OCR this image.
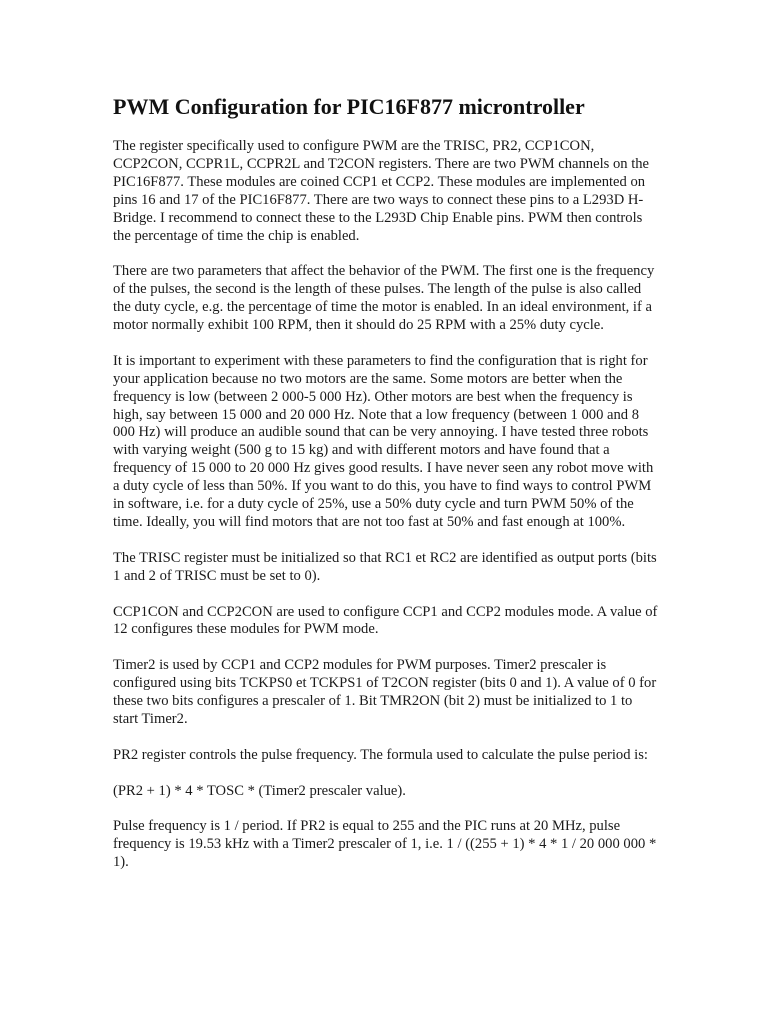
PWM Configuration for PIC16F877 microntroller

The register specifically used to configure PWM are the TRISC, PR2, CCP1CON, CCP2CON, CCPR1L, CCPR2L and T2CON registers. There are two PWM channels on the PIC16F877. These modules are coined CCP1 et CCP2. These modules are implemented on pins 16 and 17 of the PIC16F877. There are two ways to connect these pins to a L293D H-Bridge. I recommend to connect these to the L293D Chip Enable pins. PWM then controls the percentage of time the chip is enabled.

There are two parameters that affect the behavior of the PWM. The first one is the frequency of the pulses, the second is the length of these pulses. The length of the pulse is also called the duty cycle, e.g. the percentage of time the motor is enabled. In an ideal environment, if a motor normally exhibit 100 RPM, then it should do 25 RPM with a 25% duty cycle.

It is important to experiment with these parameters to find the configuration that is right for your application because no two motors are the same. Some motors are better when the frequency is low (between 2 000-5 000 Hz). Other motors are best when the frequency is high, say between 15 000 and 20 000 Hz. Note that a low frequency (between 1 000 and 8 000 Hz) will produce an audible sound that can be very annoying. I have tested three robots with varying weight (500 g to 15 kg) and with different motors and have found that a frequency of 15 000 to 20 000 Hz gives good results. I have never seen any robot move with a duty cycle of less than 50%. If you want to do this, you have to find ways to control PWM in software, i.e. for a duty cycle of 25%, use a 50% duty cycle and turn PWM 50% of the time. Ideally, you will find motors that are not too fast at 50% and fast enough at 100%.

The TRISC register must be initialized so that RC1 et RC2 are identified as output ports (bits 1 and 2 of TRISC must be set to 0).

CCP1CON and CCP2CON are used to configure CCP1 and CCP2 modules mode. A value of 12 configures these modules for PWM mode.

Timer2 is used by CCP1 and CCP2 modules for PWM purposes. Timer2 prescaler is configured using bits TCKPS0 et TCKPS1 of T2CON register (bits 0 and 1). A value of 0 for these two bits configures a prescaler of 1. Bit TMR2ON (bit 2) must be initialized to 1 to start Timer2.

PR2 register controls the pulse frequency. The formula used to calculate the pulse period is:

(PR2 + 1) * 4 * TOSC * (Timer2 prescaler value).

Pulse frequency is 1 / period. If PR2 is equal to 255 and the PIC runs at 20 MHz, pulse frequency is 19.53 kHz with a Timer2 prescaler of 1, i.e. 1 / ((255 + 1) * 4 * 1 / 20 000 000 * 1).
